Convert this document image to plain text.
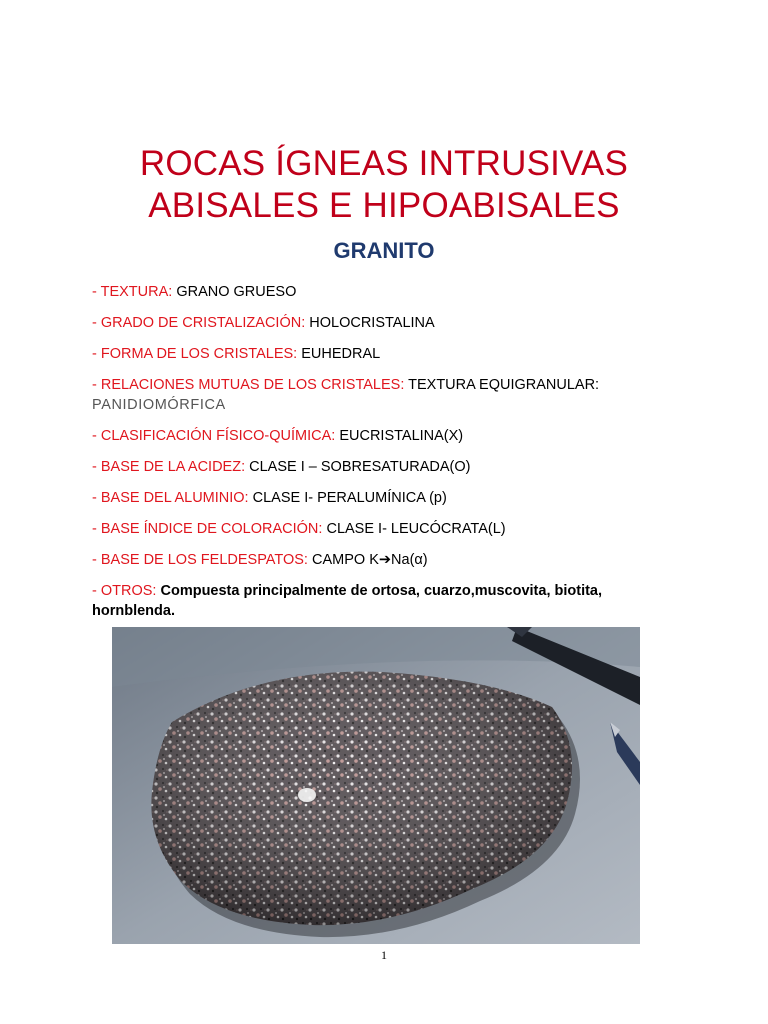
ROCAS ÍGNEAS INTRUSIVAS
ABISALES E HIPOABISALES
GRANITO
- TEXTURA: GRANO GRUESO
- GRADO DE CRISTALIZACIÓN: HOLOCRISTALINA
- FORMA DE LOS CRISTALES: EUHEDRAL
- RELACIONES MUTUAS DE LOS CRISTALES: TEXTURA EQUIGRANULAR: PANIDIOMÓRFICA
- CLASIFICACIÓN FÍSICO-QUÍMICA: EUCRISTALINA(X)
- BASE DE LA ACIDEZ: CLASE I – SOBRESATURADA(O)
- BASE DEL ALUMINIO: CLASE I- PERALUMÍNICA (p)
- BASE ÍNDICE DE COLORACIÓN: CLASE I- LEUCÓCRATA(L)
- BASE DE LOS FELDESPATOS: CAMPO K➔Na(α)
- OTROS: Compuesta principalmente de ortosa, cuarzo,muscovita, biotita, hornblenda.
1
